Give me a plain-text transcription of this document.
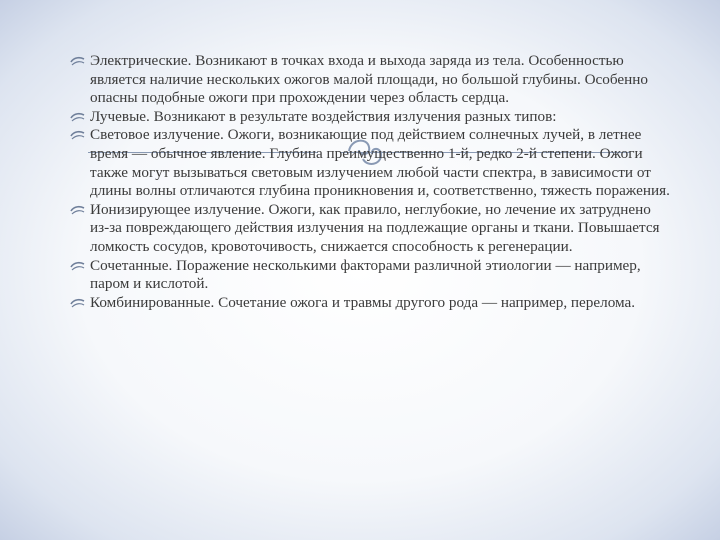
Электрические. Возникают в точках входа и выхода заряда из тела. Особенностью является наличие нескольких ожогов малой площади, но большой глубины. Особенно опасны подобные ожоги при прохождении через область сердца.
Лучевые. Возникают в результате воздействия излучения разных типов:
Световое излучение. Ожоги, возникающие под действием солнечных лучей, в летнее время — обычное явление. Глубина преимущественно 1-й, редко 2-й степени. Ожоги также могут вызываться световым излучением любой части спектра, в зависимости от длины волны отличаются глубина проникновения и, соответственно, тяжесть поражения.
Ионизирующее излучение. Ожоги, как правило, неглубокие, но лечение их затруднено из-за повреждающего действия излучения на подлежащие органы и ткани. Повышается ломкость сосудов, кровоточивость, снижается способность к регенерации.
Сочетанные. Поражение несколькими факторами различной этиологии — например, паром и кислотой.
Комбинированные. Сочетание ожога и травмы другого рода — например, перелома.
